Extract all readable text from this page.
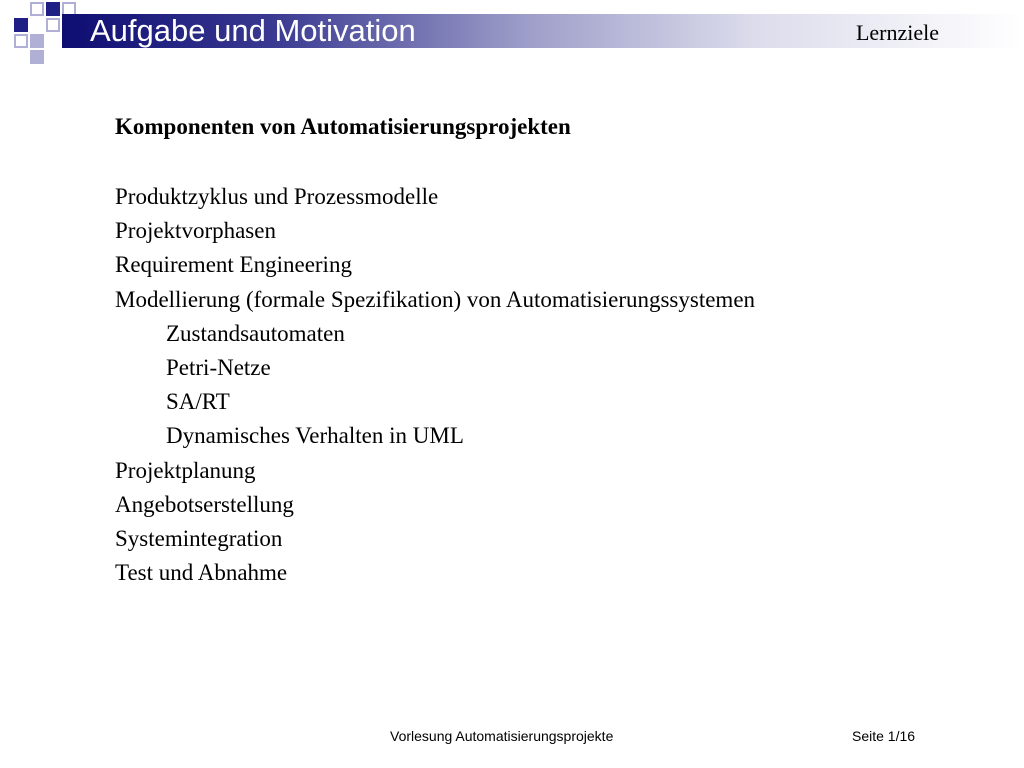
Aufgabe und Motivation	Lernziele
Komponenten von Automatisierungsprojekten
Produktzyklus und Prozessmodelle
Projektvorphasen
Requirement Engineering
Modellierung (formale Spezifikation) von Automatisierungssystemen
Zustandsautomaten
Petri-Netze
SA/RT
Dynamisches Verhalten in UML
Projektplanung
Angebotserstellung
Systemintegration
Test und Abnahme
Vorlesung Automatisierungsprojekte	Seite 1/16
